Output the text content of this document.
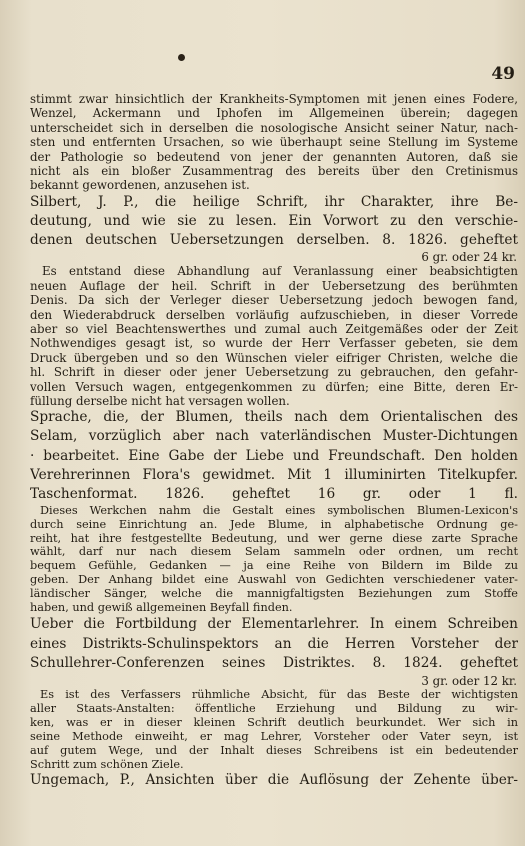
49
stimmt zwar hinsichtlich der Krankheits-Symptomen mit jenen eines Fodere,
Wenzel, Ackermann und Iphofen im Allgemeinen überein; dagegen
unterscheidet sich in derselben die nosologische Ansicht seiner Natur, nach-
sten und entfernten Ursachen, so wie überhaupt seine Stellung im Systeme
der Pathologie so bedeutend von jener der genannten Autoren, daß sie
nicht als ein bloßer Zusammentrag des bereits über den Cretinismus
bekannt gewordenen, anzusehen ist.
Silbert, J. P., die heilige Schrift, ihr Charakter, ihre Be-
deutung, und wie sie zu lesen. Ein Vorwort zu den verschie-
denen deutschen Uebersetzungen derselben. 8. 1826. geheftet
6 gr. oder 24 kr.
Es entstand diese Abhandlung auf Veranlassung einer beabsichtigten
neuen Auflage der heil. Schrift in der Uebersetzung des berühmten
Denis. Da sich der Verleger dieser Uebersetzung jedoch bewogen fand,
den Wiederabdruck derselben vorläufig aufzuschieben, in dieser Vorrede
aber so viel Beachtenswerthes und zumal auch Zeitgemäßes oder der Zeit
Nothwendiges gesagt ist, so wurde der Herr Verfasser gebeten, sie dem
Druck übergeben und so den Wünschen vieler eifriger Christen, welche die
hl. Schrift in dieser oder jener Uebersetzung zu gebrauchen, den gefahr-
vollen Versuch wagen, entgegenkommen zu dürfen; eine Bitte, deren Er-
füllung derselbe nicht hat versagen wollen.
Sprache, die, der Blumen, theils nach dem Orientalischen des
Selam, vorzüglich aber nach vaterländischen Muster-Dichtungen
· bearbeitet. Eine Gabe der Liebe und Freundschaft. Den holden
Verehrerinnen Flora's gewidmet. Mit 1 illuminirten Titelkupfer.
Taschenformat. 1826. geheftet 16 gr. oder 1 fl.
Dieses Werkchen nahm die Gestalt eines symbolischen Blumen-Lexicon's
durch seine Einrichtung an. Jede Blume, in alphabetische Ordnung ge-
reiht, hat ihre festgestellte Bedeutung, und wer gerne diese zarte Sprache
wählt, darf nur nach diesem Selam sammeln oder ordnen, um recht
bequem Gefühle, Gedanken — ja eine Reihe von Bildern im Bilde zu
geben. Der Anhang bildet eine Auswahl von Gedichten verschiedener vater-
ländischer Sänger, welche die mannigfaltigsten Beziehungen zum Stoffe
haben, und gewiß allgemeinen Beyfall finden.
Ueber die Fortbildung der Elementarlehrer. In einem Schreiben
eines Distrikts-Schulinspektors an die Herren Vorsteher der
Schullehrer-Conferenzen seines Distriktes. 8. 1824. geheftet
3 gr. oder 12 kr.
Es ist des Verfassers rühmliche Absicht, für das Beste der wichtigsten
aller Staats-Anstalten: öffentliche Erziehung und Bildung zu wir-
ken, was er in dieser kleinen Schrift deutlich beurkundet. Wer sich in
seine Methode einweiht, er mag Lehrer, Vorsteher oder Vater seyn, ist
auf gutem Wege, und der Inhalt dieses Schreibens ist ein bedeutender
Schritt zum schönen Ziele.
Ungemach, P., Ansichten über die Auflösung der Zehente über-
